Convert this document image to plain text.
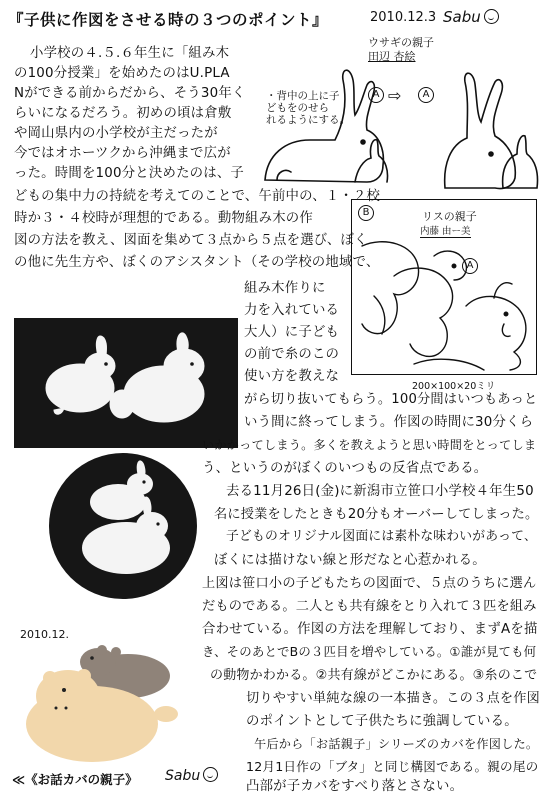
『子供に作図をさせる時の３つのポイント』	2010.12.3 Sabu
ウサギの親子
田辺 杏絵
・背中の上に子
どもをのせら
れるようにする。
A ⇨	A
B	リスの親子
内藤 由ー美
A
200×100×20ミリ
2010.12.
≪《お話カバの親子》 Sabu
小学校の４.５.６年生に「組み木
の100分授業」を始めたのはU.PLA
Nができる前からだから、そう30年く
らいになるだろう。初めの頃は倉敷
や岡山県内の小学校が主だったが
今ではオホーツクから沖縄まで広が
った。時間を100分と決めたのは、子
どもの集中力の持続を考えてのことで、午前中の、１・２校
時か３・４校時が理想的である。動物組み木の作
図の方法を教え、図面を集めて３点から５点を選び、ぼく
の他に先生方や、ぼくのアシスタント（その学校の地域で、
組み木作りに
力を入れている
大人）に子ども
の前で糸のこの
使い方を教えな
がら切り抜いてもらう。100分間はいつもあっと
いう間に終ってしまう。作図の時間に30分くら
いかかってしまう。多くを教えようと思い時間をとってしま
う、というのがぼくのいつもの反省点である。
去る11月26日(金)に新潟市立笹口小学校４年生50
名に授業をしたときも20分もオーバーしてしまった。
子どものオリジナル図面には素朴な味わいがあって、
ぼくには描けない線と形だなと心惹かれる。
上図は笹口小の子どもたちの図面で、５点のうちに選ん
だものである。二人とも共有線をとり入れて３匹を組み
合わせている。作図の方法を理解しており、まずAを描
き、そのあとでBの３匹目を増やしている。①誰が見ても何
の動物かわかる。②共有線がどこかにある。③糸のこで
切りやすい単純な線の一本描き。この３点を作図
のポイントとして子供たちに強調している。
午后から「お話親子」シリーズのカバを作図した。
12月1日作の「ブタ」と同じ構図である。親の尾の
凸部が子カバをすべり落とさない。
